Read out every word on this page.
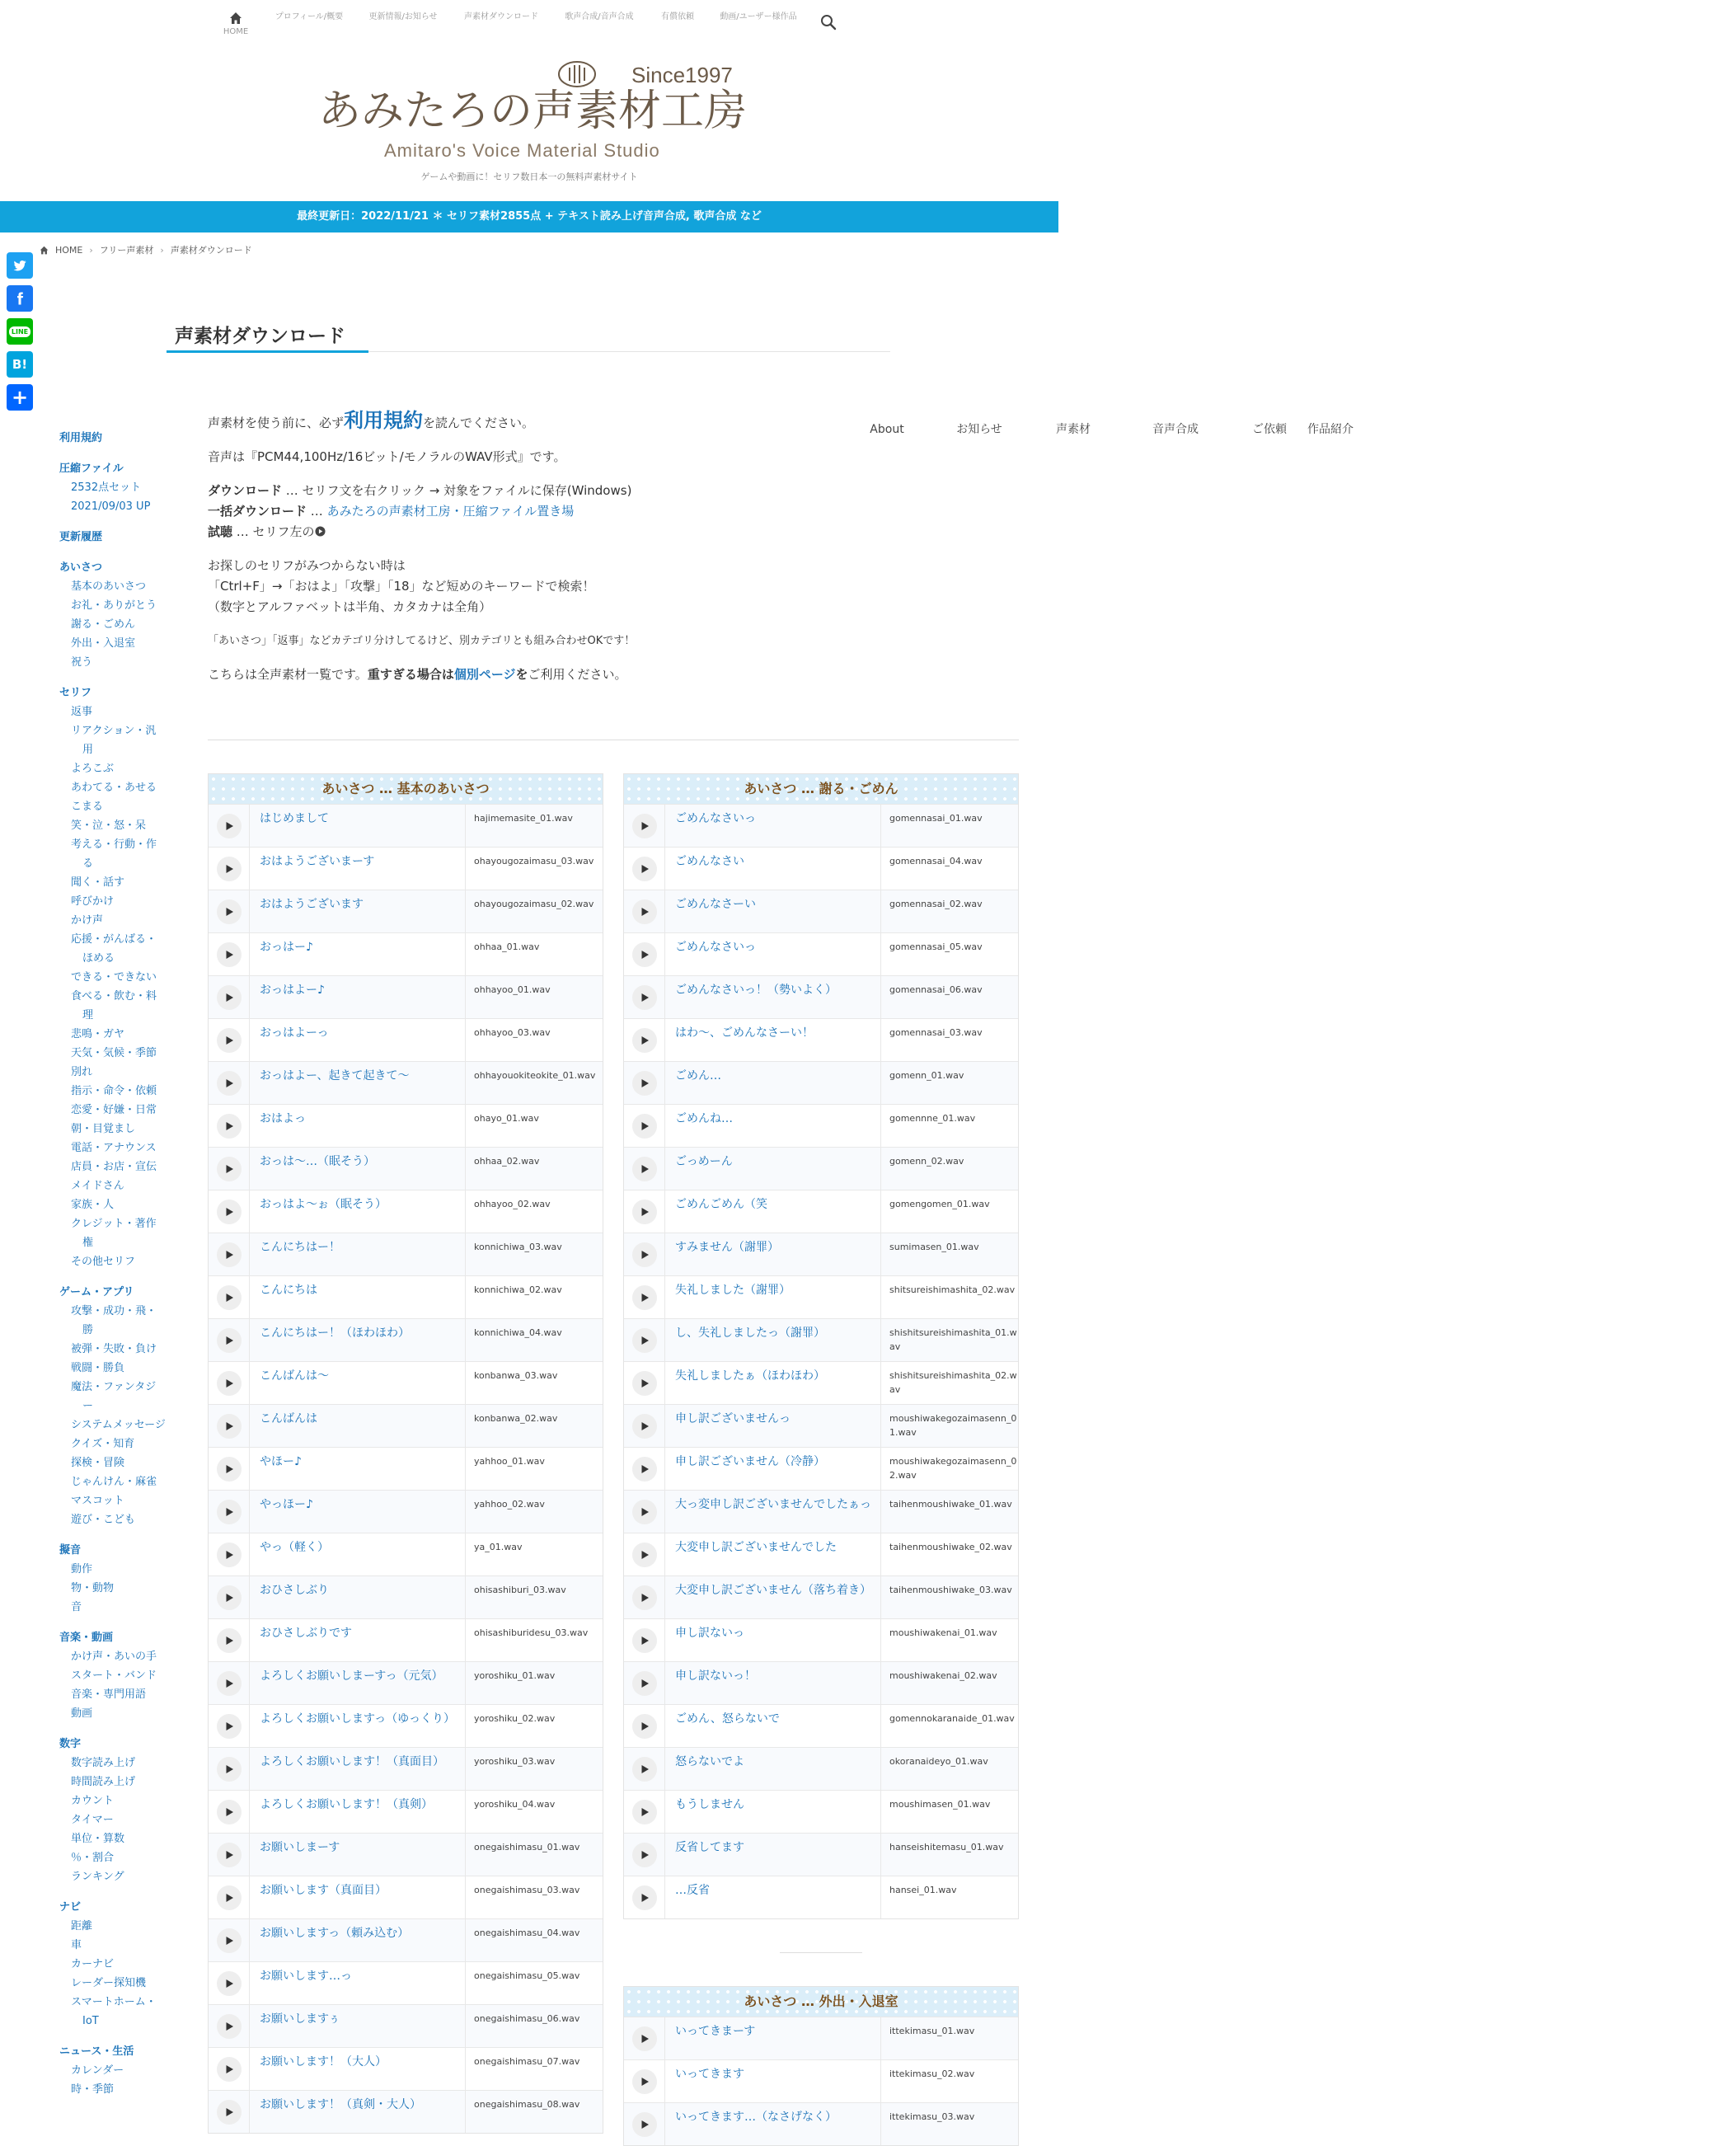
HOME
About
プロフィール/概要
お知らせ
更新情報/お知らせ
声素材
声素材ダウンロード
音声合成
歌声合成/音声合成
ご依頼
有償依頼
作品紹介
動画/ユーザー様作品
Since1997
あみたろの声素材工房
Amitaro's Voice Material Studio
ゲームや動画に！セリフ数日本一の無料声素材サイト
最終更新日：2022/11/21 ＊ セリフ素材2855点 + テキスト読み上げ音声合成, 歌声合成 など
HOME › フリー声素材 › 声素材ダウンロード
LINE
B!
+
声素材ダウンロード
利用規約
圧縮ファイル
2532点セット
2021/09/03 UP
更新履歴
あいさつ
基本のあいさつ
お礼・ありがとう
謝る・ごめん
外出・入退室
祝う
セリフ
返事
リアクション・汎用
よろこぶ
あわてる・あせる
こまる
笑・泣・怒・呆
考える・行動・作る
聞く・話す
呼びかけ
かけ声
応援・がんばる・ほめる
できる・できない
食べる・飲む・料理
悲鳴・ガヤ
天気・気候・季節
別れ
指示・命令・依頼
恋愛・好嫌・日常
朝・目覚まし
電話・アナウンス
店員・お店・宣伝
メイドさん
家族・人
クレジット・著作権
その他セリフ
ゲーム・アプリ
攻撃・成功・飛・勝
被弾・失敗・負け
戦闘・勝負
魔法・ファンタジー
システムメッセージ
クイズ・知育
探検・冒険
じゃんけん・麻雀
マスコット
遊び・こども
擬音
動作
物・動物
音
音楽・動画
かけ声・あいの手
スタート・バンド
音楽・専門用語
動画
数字
数字読み上げ
時間読み上げ
カウント
タイマー
単位・算数
％・割合
ランキング
ナビ
距離
車
カーナビ
レーダー探知機
スマートホーム・IoT
ニュース・生活
カレンダー
時・季節

声素材を使う前に、必ず利用規約を読んでください。

音声は『PCM44,100Hz/16ビット/モノラルのWAV形式』です。

ダウンロード … セリフ文を右クリック → 対象をファイルに保存(Windows)
一括ダウンロード … あみたろの声素材工房・圧縮ファイル置き場
試聴 … セリフ左の

お探しのセリフがみつからない時は
「Ctrl+F」→「おはよ」「攻撃」「18」など短めのキーワードで検索！
（数字とアルファベットは半角、カタカナは全角）

「あいさつ」「返事」などカテゴリ分けしてるけど、別カテゴリとも組み合わせOKです！

こちらは全声素材一覧です。重すぎる場合は個別ページをご利用ください。

あいさつ … 基本のあいさつ
はじめまして	hajimemasite_01.wav
おはようございまーす	ohayougozaimasu_03.wav
おはようございます	ohayougozaimasu_02.wav
おっはー♪	ohhaa_01.wav
おっはよー♪	ohhayoo_01.wav
おっはよーっ	ohhayoo_03.wav
おっはよー、起きて起きて～	ohhayouokiteokite_01.wav
おはよっ	ohayo_01.wav
おっは～…（眠そう）	ohhaa_02.wav
おっはよ～ぉ（眠そう）	ohhayoo_02.wav
こんにちはー！	konnichiwa_03.wav
こんにちは	konnichiwa_02.wav
こんにちはー！（ほわほわ）	konnichiwa_04.wav
こんばんは～	konbanwa_03.wav
こんばんは	konbanwa_02.wav
やほー♪	yahhoo_01.wav
やっほー♪	yahhoo_02.wav
やっ（軽く）	ya_01.wav
おひさしぶり	ohisashiburi_03.wav
おひさしぶりです	ohisashiburidesu_03.wav
よろしくお願いしまーすっ（元気）	yoroshiku_01.wav
よろしくお願いしますっ（ゆっくり）	yoroshiku_02.wav
よろしくお願いします！（真面目）	yoroshiku_03.wav
よろしくお願いします！（真剣）	yoroshiku_04.wav
お願いしまーす	onegaishimasu_01.wav
お願いします（真面目）	onegaishimasu_03.wav
お願いしますっ（頼み込む）	onegaishimasu_04.wav
お願いします…っ	onegaishimasu_05.wav
お願いしますぅ	onegaishimasu_06.wav
お願いします！（大人）	onegaishimasu_07.wav
お願いします！（真剣・大人）	onegaishimasu_08.wav
あいさつ … 謝る・ごめん
ごめんなさいっ	gomennasai_01.wav
ごめんなさい	gomennasai_04.wav
ごめんなさーい	gomennasai_02.wav
ごめんなさいっ	gomennasai_05.wav
ごめんなさいっ！（勢いよく）	gomennasai_06.wav
はわ～、ごめんなさーい！	gomennasai_03.wav
ごめん…	gomenn_01.wav
ごめんね…	gomennne_01.wav
ごっめーん	gomenn_02.wav
ごめんごめん（笑	gomengomen_01.wav
すみません（謝罪）	sumimasen_01.wav
失礼しました（謝罪）	shitsureishimashita_02.wav
し、失礼しましたっ（謝罪）	shishitsureishimashita_01.wav
失礼しましたぁ（ほわほわ）	shishitsureishimashita_02.wav
申し訳ございませんっ	moushiwakegozaimasenn_01.wav
申し訳ございません（冷静）	moushiwakegozaimasenn_02.wav
大っ変申し訳ございませんでしたぁっ	taihenmoushiwake_01.wav
大変申し訳ございませんでした	taihenmoushiwake_02.wav
大変申し訳ございません（落ち着き）	taihenmoushiwake_03.wav
申し訳ないっ	moushiwakenai_01.wav
申し訳ないっ！	moushiwakenai_02.wav
ごめん、怒らないで	gomennokaranaide_01.wav
怒らないでよ	okoranaideyo_01.wav
もうしません	moushimasen_01.wav
反省してます	hanseishitemasu_01.wav
…反省	hansei_01.wav
あいさつ … 外出・入退室
いってきまーす	ittekimasu_01.wav
いってきます	ittekimasu_02.wav
いってきます…（なさげなく）	ittekimasu_03.wav
